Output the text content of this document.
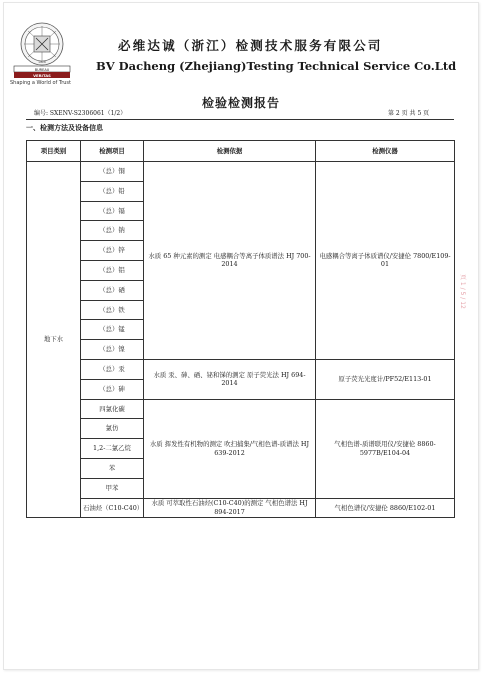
BUREAU
VERITAS
1828
Shaping a World of Trust
必维达诚（浙江）检测技术服务有限公司
BV Dacheng (Zhejiang)Testing Technical Service Co.Ltd
检验检测报告
编号: SXENV-S2306061（1/2）	第 2 页 共 5 页
一、检测方法及设备信息
项目类别	检测项目	检测依据	检测仪器
地下水	（总）铜	水质 65 种元素的测定 电感耦合等离子体质谱法 HJ 700-2014	电感耦合等离子体质谱仪/安捷伦 7800/E109-01
	（总）铅		
	（总）镉		
	（总）钠		
	（总）锌		
	（总）铝		
	（总）硒		
	（总）铁		
	（总）锰		
	（总）镍		
	（总）汞	水质 汞、砷、硒、铋和锑的测定 原子荧光法 HJ 694-2014	原子荧光光度计/PF52/E113-01
	（总）砷		
	四氯化碳	水质 挥发性有机物的测定 吹扫捕集/气相色谱-质谱法 HJ 639-2012	气相色谱-质谱联用仪/安捷伦 8860-5977B/E104-04
	氯仿		
	1,2-二氯乙烷		
	苯		
	甲苯		
	石油烃（C10-C40）	水质 可萃取性石油烃(C10-C40)的测定 气相色谱法 HJ 894-2017	气相色谱仪/安捷伦 8860/E102-01
页 1 / 5 / 12
